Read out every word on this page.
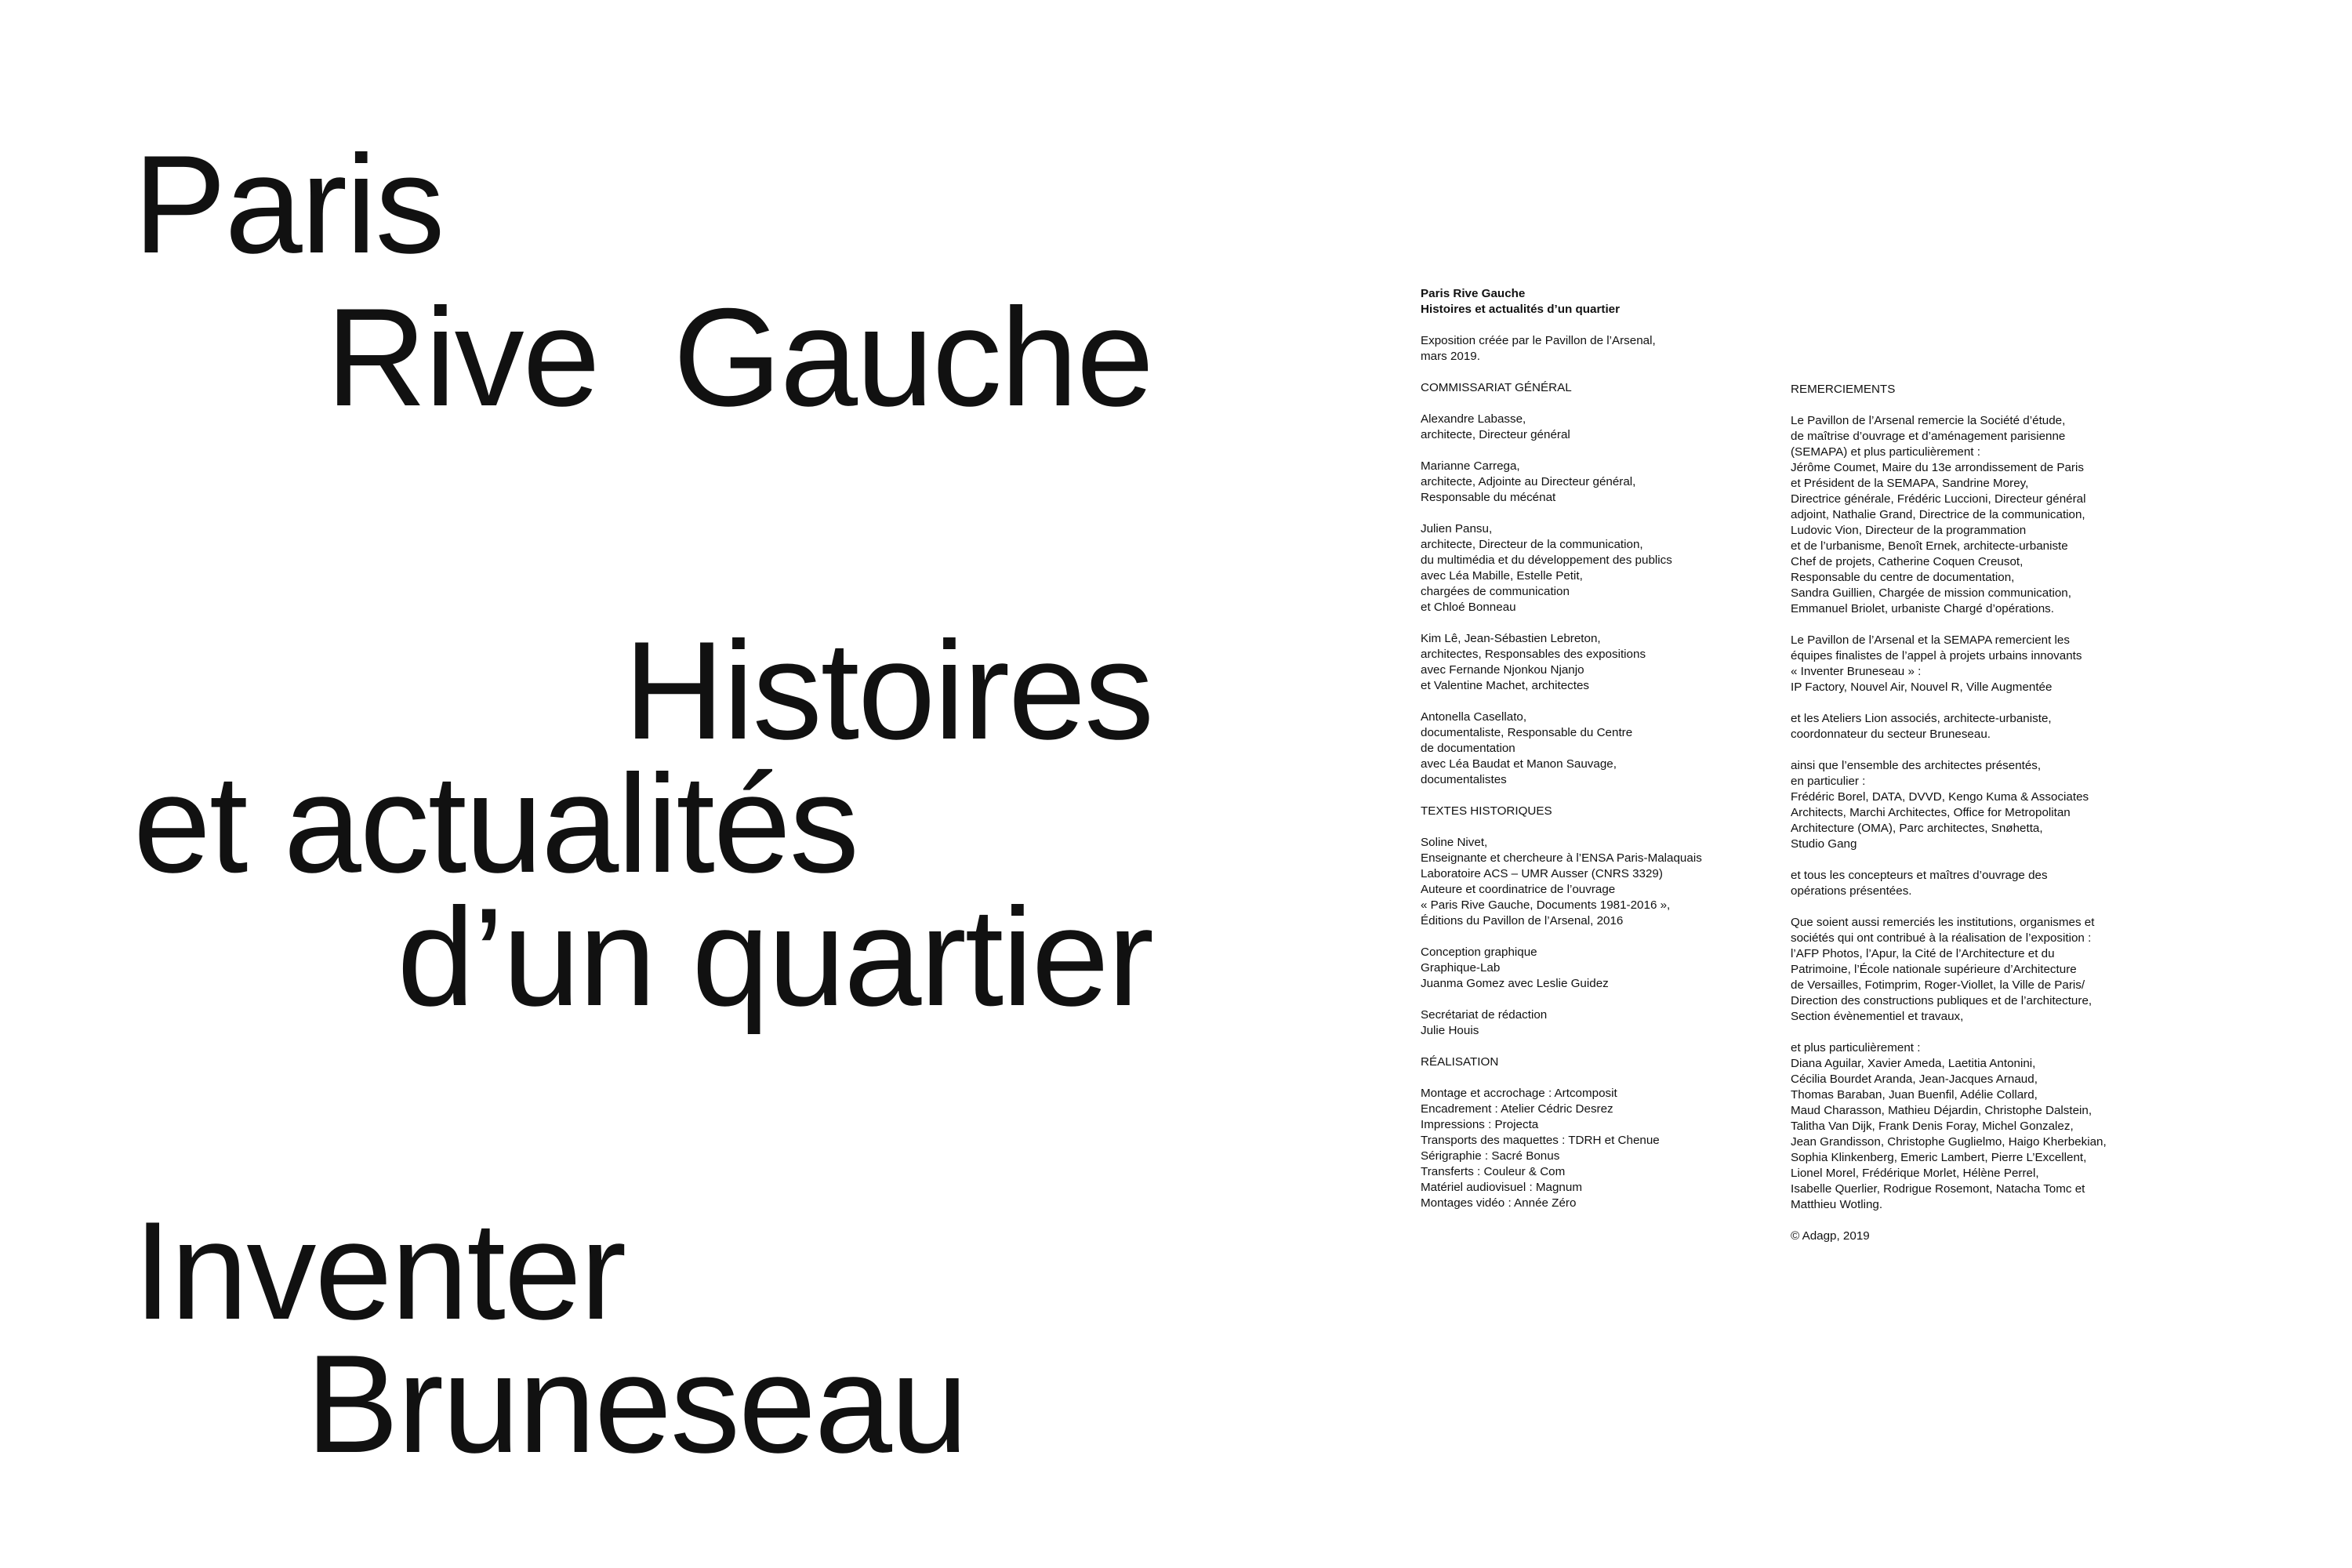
Paris
Rive  Gauche
Histoires
et actualités
d’un quartier
Inventer
Bruneseau

Paris Rive Gauche
Histoires et actualités d’un quartier

Exposition créée par le Pavillon de l’Arsenal,
mars 2019.

COMMISSARIAT GÉNÉRAL

Alexandre Labasse,
architecte, Directeur général

Marianne Carrega,
architecte, Adjointe au Directeur général,
Responsable du mécénat

Julien Pansu,
architecte, Directeur de la communication,
du multimédia et du développement des publics
avec Léa Mabille, Estelle Petit,
chargées de communication
et Chloé Bonneau

Kim Lê, Jean-Sébastien Lebreton,
architectes, Responsables des expositions
avec Fernande Njonkou Njanjo
et Valentine Machet, architectes

Antonella Casellato,
documentaliste, Responsable du Centre
de documentation
avec Léa Baudat et Manon Sauvage,
documentalistes

TEXTES HISTORIQUES

Soline Nivet,
Enseignante et chercheure à l’ENSA Paris-Malaquais
Laboratoire ACS – UMR Ausser (CNRS 3329)
Auteure et coordinatrice de l’ouvrage
« Paris Rive Gauche, Documents 1981-2016 »,
Éditions du Pavillon de l’Arsenal, 2016

Conception graphique
Graphique-Lab
Juanma Gomez avec Leslie Guidez

Secrétariat de rédaction
Julie Houis

RÉALISATION

Montage et accrochage : Artcomposit
Encadrement : Atelier Cédric Desrez
Impressions : Projecta
Transports des maquettes : TDRH et Chenue
Sérigraphie : Sacré Bonus
Transferts : Couleur & Com
Matériel audiovisuel : Magnum
Montages vidéo : Année Zéro

REMERCIEMENTS

Le Pavillon de l’Arsenal remercie la Société d’étude,
de maîtrise d’ouvrage et d’aménagement parisienne
(SEMAPA) et plus particulièrement :
Jérôme Coumet, Maire du 13e arrondissement de Paris
et Président de la SEMAPA, Sandrine Morey,
Directrice générale, Frédéric Luccioni, Directeur général
adjoint, Nathalie Grand, Directrice de la communication,
Ludovic Vion, Directeur de la programmation
et de l’urbanisme, Benoît Ernek, architecte-urbaniste
Chef de projets, Catherine Coquen Creusot,
Responsable du centre de documentation,
Sandra Guillien, Chargée de mission communication,
Emmanuel Briolet, urbaniste Chargé d’opérations.

Le Pavillon de l’Arsenal et la SEMAPA remercient les
équipes finalistes de l’appel à projets urbains innovants
« Inventer Bruneseau » :
IP Factory, Nouvel Air, Nouvel R, Ville Augmentée

et les Ateliers Lion associés, architecte-urbaniste,
coordonnateur du secteur Bruneseau.

ainsi que l’ensemble des architectes présentés,
en particulier :
Frédéric Borel, DATA, DVVD, Kengo Kuma & Associates
Architects, Marchi Architectes, Office for Metropolitan
Architecture (OMA), Parc architectes, Snøhetta,
Studio Gang

et tous les concepteurs et maîtres d’ouvrage des
opérations présentées.

Que soient aussi remerciés les institutions, organismes et
sociétés qui ont contribué à la réalisation de l’exposition :
l’AFP Photos, l’Apur, la Cité de l’Architecture et du
Patrimoine, l’École nationale supérieure d’Architecture
de Versailles, Fotimprim, Roger-Viollet, la Ville de Paris/
Direction des constructions publiques et de l’architecture,
Section évènementiel et travaux,

et plus particulièrement :
Diana Aguilar, Xavier Ameda, Laetitia Antonini,
Cécilia Bourdet Aranda, Jean-Jacques Arnaud,
Thomas Baraban, Juan Buenfil, Adélie Collard,
Maud Charasson, Mathieu Déjardin, Christophe Dalstein,
Talitha Van Dijk, Frank Denis Foray, Michel Gonzalez,
Jean Grandisson, Christophe Guglielmo, Haigo Kherbekian,
Sophia Klinkenberg, Emeric Lambert, Pierre L’Excellent,
Lionel Morel, Frédérique Morlet, Hélène Perrel,
Isabelle Querlier, Rodrigue Rosemont, Natacha Tomc et
Matthieu Wotling.

© Adagp, 2019
